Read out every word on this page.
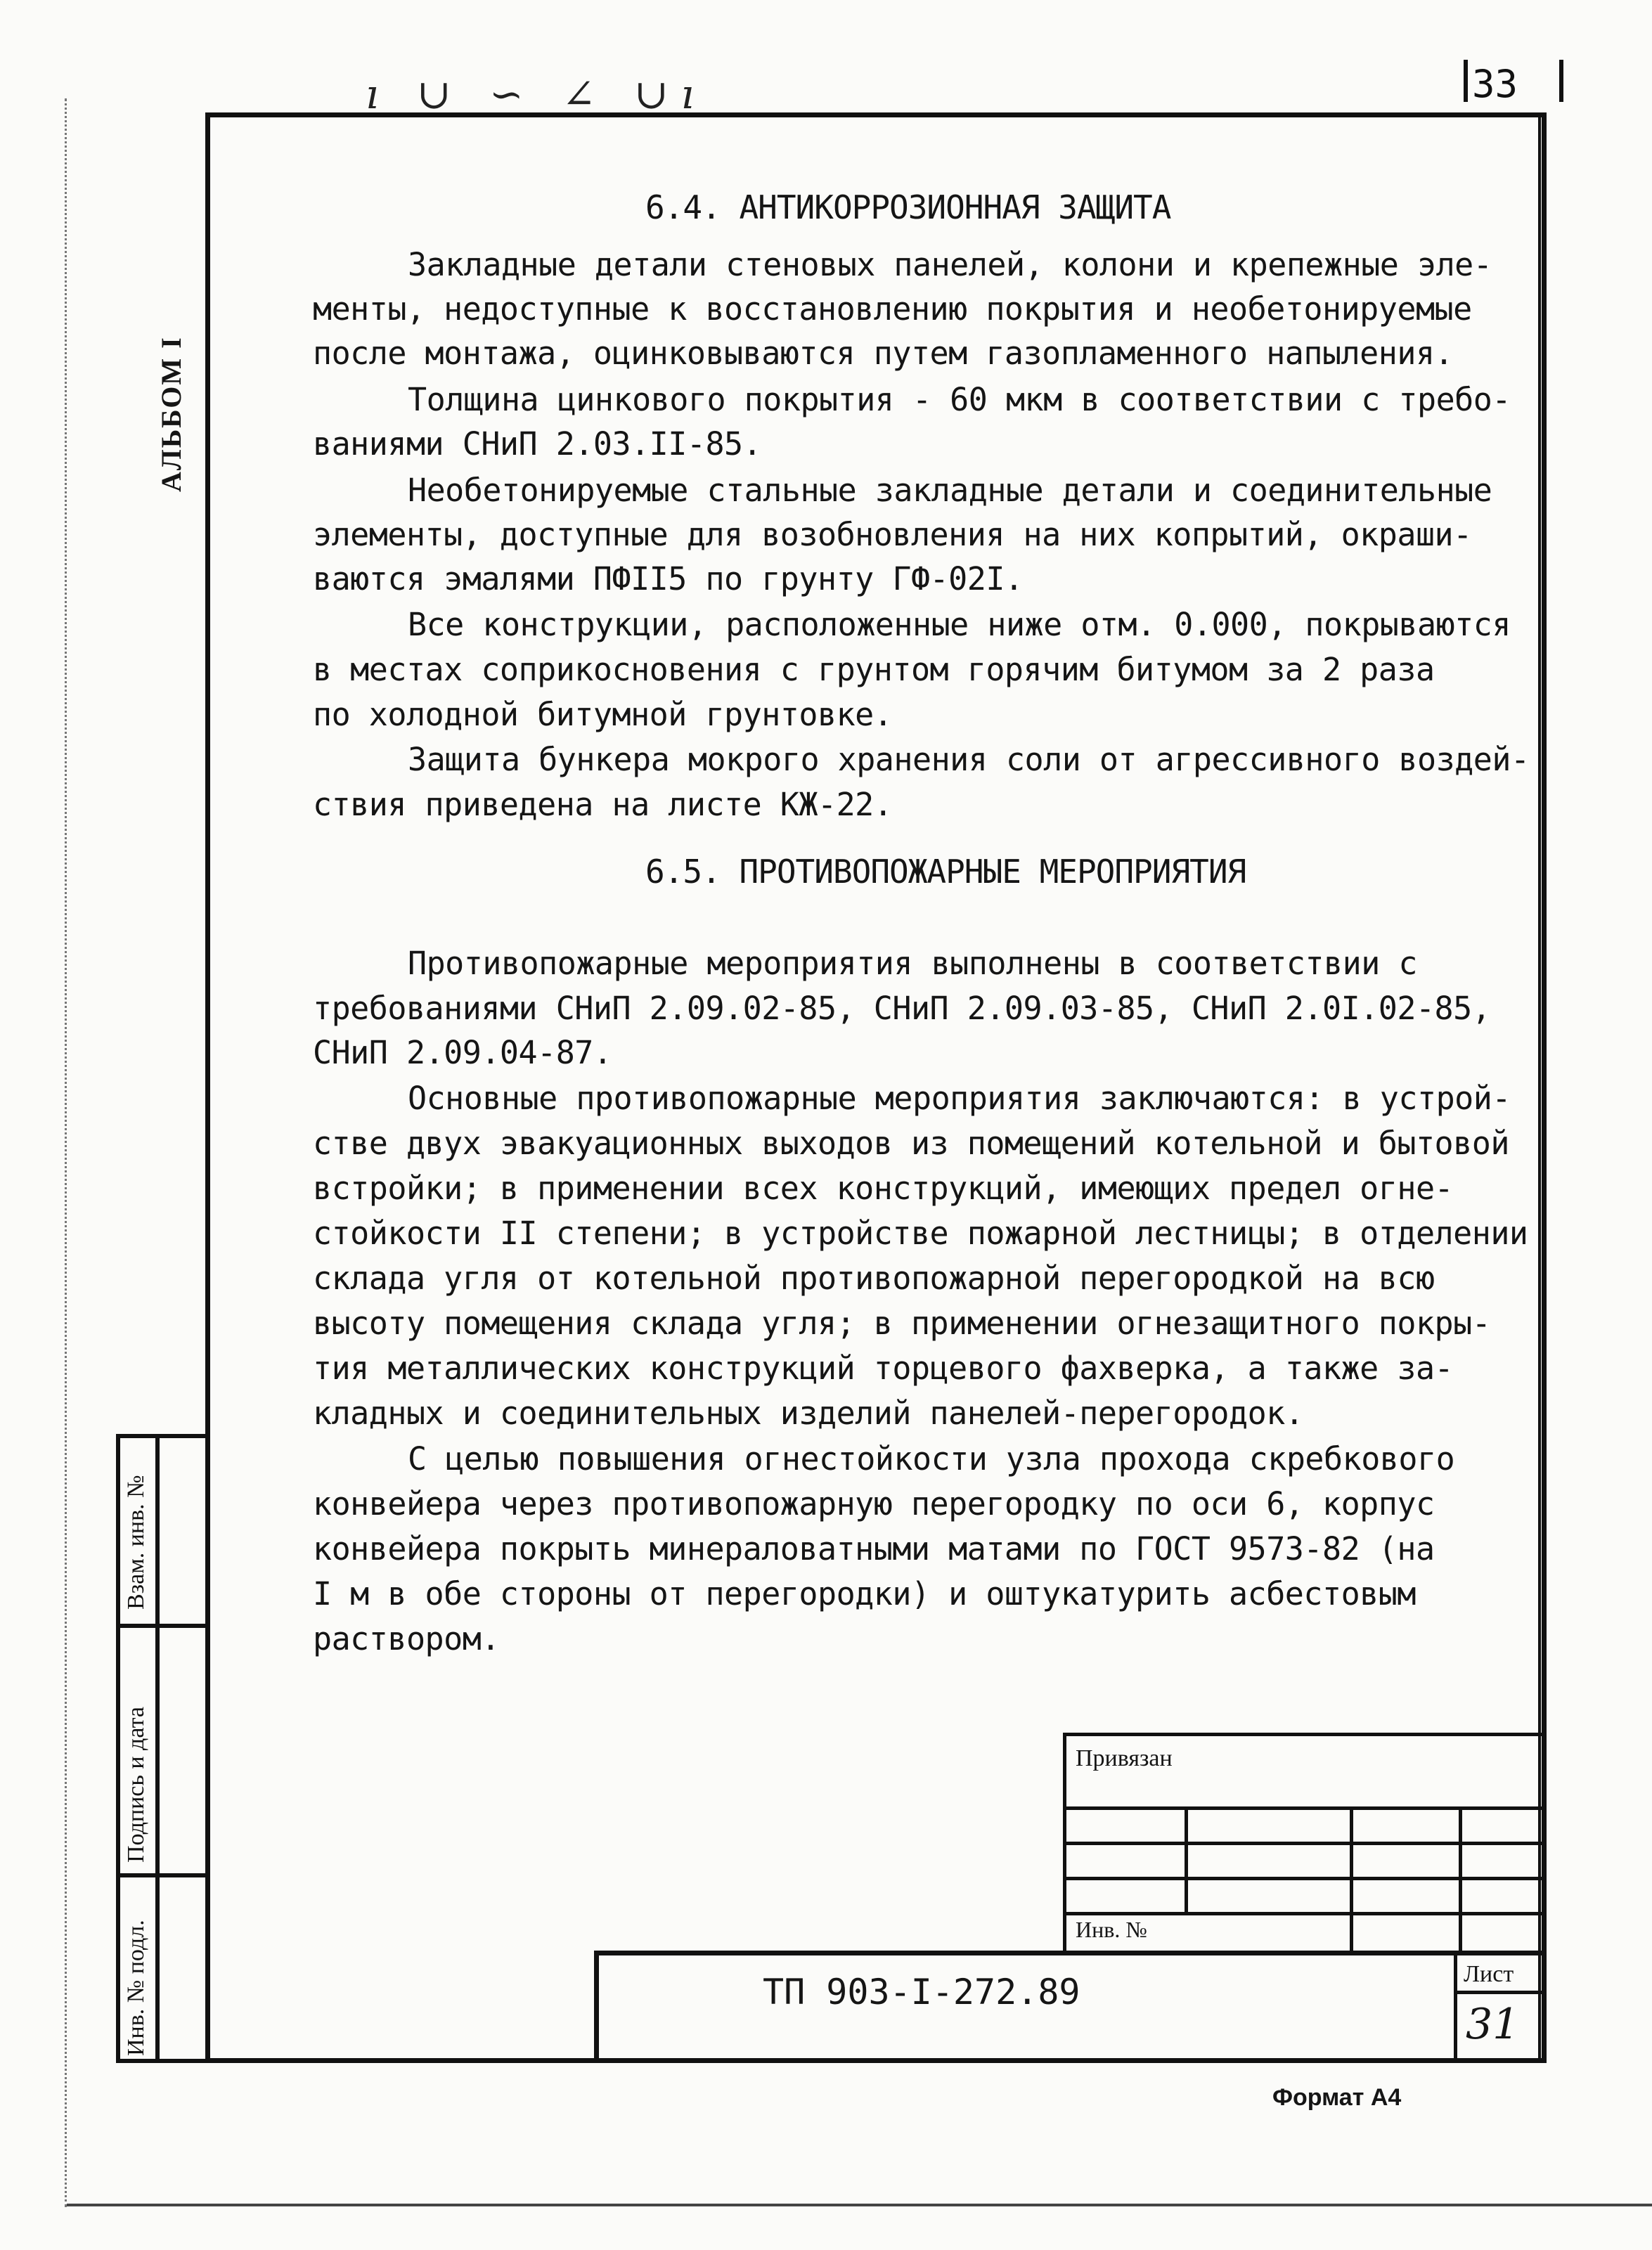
ı ∪ ∽ ∠ ∪ı	33
АЛЬБОМ I
Взам. инв. №
Подпись и дата
Инв. № подл.
6.4. АНТИКОРРОЗИОННАЯ ЗАЩИТА
Закладные детали стеновых панелей, колони и крепежные эле-
менты, недоступные к восстановлению покрытия и необетонируемые
после монтажа, оцинковываются путем газопламенного напыления.
Толщина цинкового покрытия - 60 мкм в соответствии с требо-
ваниями СНиП 2.03.II-85.
Необетонируемые стальные закладные детали и соединительные
элементы, доступные для возобновления на них копрытий, окраши-
ваются эмалями ПФII5 по грунту ГФ-02I.
Все конструкции, расположенные ниже отм. 0.000, покрываются
в местах соприкосновения с грунтом горячим битумом за 2 раза
по холодной битумной грунтовке.
Защита бункера мокрого хранения соли от агрессивного воздей-
ствия приведена на листе КЖ-22.
6.5. ПРОТИВОПОЖАРНЫЕ МЕРОПРИЯТИЯ
Противопожарные мероприятия выполнены в соответствии с
требованиями СНиП 2.09.02-85, СНиП 2.09.03-85, СНиП 2.0I.02-85,
СНиП 2.09.04-87.
Основные противопожарные мероприятия заключаются: в устрой-
стве двух эвакуационных выходов из помещений котельной и бытовой
встройки; в применении всех конструкций, имеющих предел огне-
стойкости II степени; в устройстве пожарной лестницы; в отделении
склада угля от котельной противопожарной перегородкой на всю
высоту помещения склада угля; в применении огнезащитного покры-
тия металлических конструкций торцевого фахверка, а также за-
кладных и соединительных изделий панелей-перегородок.
С целью повышения огнестойкости узла прохода скребкового
конвейера через противопожарную перегородку по оси 6, корпус
конвейера покрыть минераловатными матами по ГОСТ 9573-82 (на
I м в обе стороны от перегородки) и оштукатурить асбестовым
раствором.
Привязан
Инв. №
ТП 903-I-272.89	Лист
31
Формат А4
